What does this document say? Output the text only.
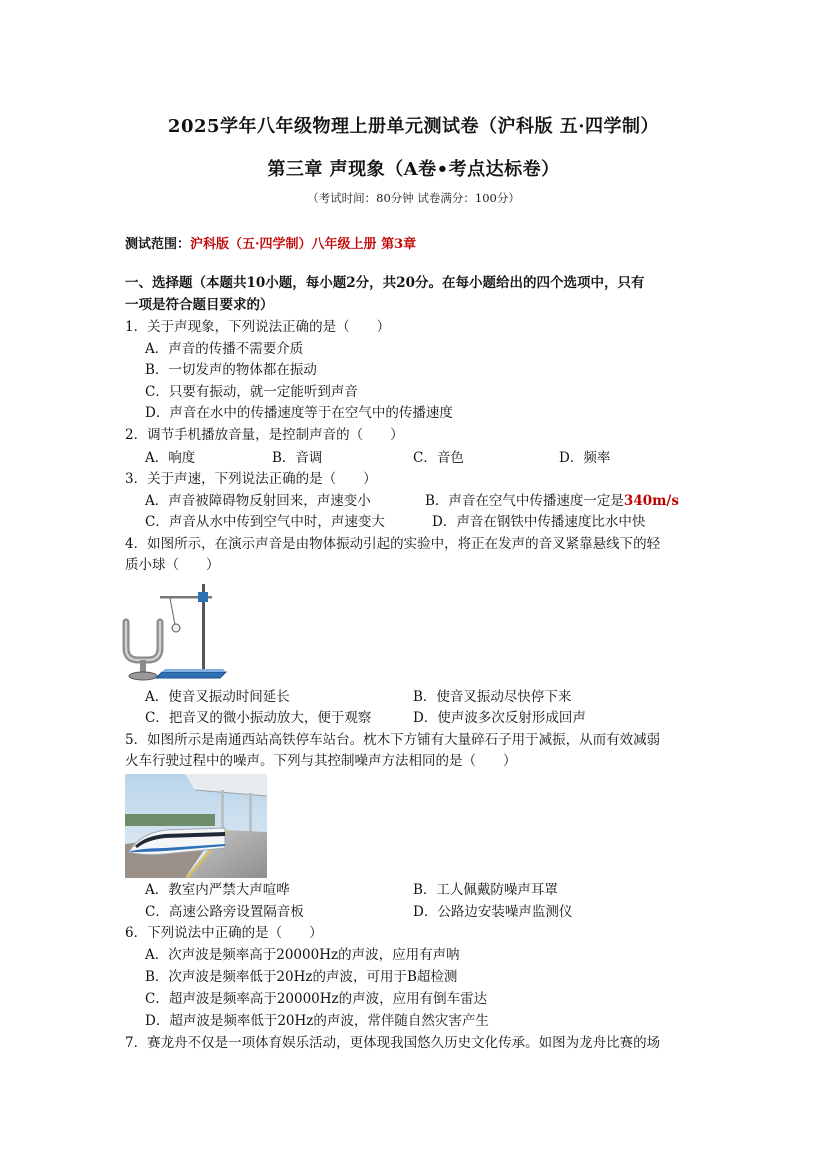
2025学年八年级物理上册单元测试卷（沪科版 五·四学制）
第三章 声现象（A卷•考点达标卷）
（考试时间：80分钟 试卷满分：100分）
测试范围：沪科版（五·四学制）八年级上册 第3章
一、选择题（本题共10小题，每小题2分，共20分。在每小题给出的四个选项中，只有
一项是符合题目要求的）
1．关于声现象，下列说法正确的是（　　）
A．声音的传播不需要介质
B．一切发声的物体都在振动
C．只要有振动，就一定能听到声音
D．声音在水中的传播速度等于在空气中的传播速度
2．调节手机播放音量，是控制声音的（　　）
A．响度	B．音调	C．音色	D．频率
3．关于声速，下列说法正确的是（　　）
A．声音被障碍物反射回来，声速变小	B．声音在空气中传播速度一定是340m/s
C．声音从水中传到空气中时，声速变大	D．声音在钢铁中传播速度比水中快
4．如图所示，在演示声音是由物体振动引起的实验中，将正在发声的音叉紧靠悬线下的轻
质小球（　　）
A．使音叉振动时间延长	B．使音叉振动尽快停下来
C．把音叉的微小振动放大，便于观察	D．使声波多次反射形成回声
5．如图所示是南通西站高铁停车站台。枕木下方铺有大量碎石子用于减振，从而有效减弱
火车行驶过程中的噪声。下列与其控制噪声方法相同的是（　　）
A．教室内严禁大声喧哗	B．工人佩戴防噪声耳罩
C．高速公路旁设置隔音板	D．公路边安装噪声监测仪
6．下列说法中正确的是（　　）
A．次声波是频率高于20000Hz的声波，应用有声呐
B．次声波是频率低于20Hz的声波，可用于B超检测
C．超声波是频率高于20000Hz的声波，应用有倒车雷达
D．超声波是频率低于20Hz的声波，常伴随自然灾害产生
7．赛龙舟不仅是一项体育娱乐活动，更体现我国悠久历史文化传承。如图为龙舟比赛的场
